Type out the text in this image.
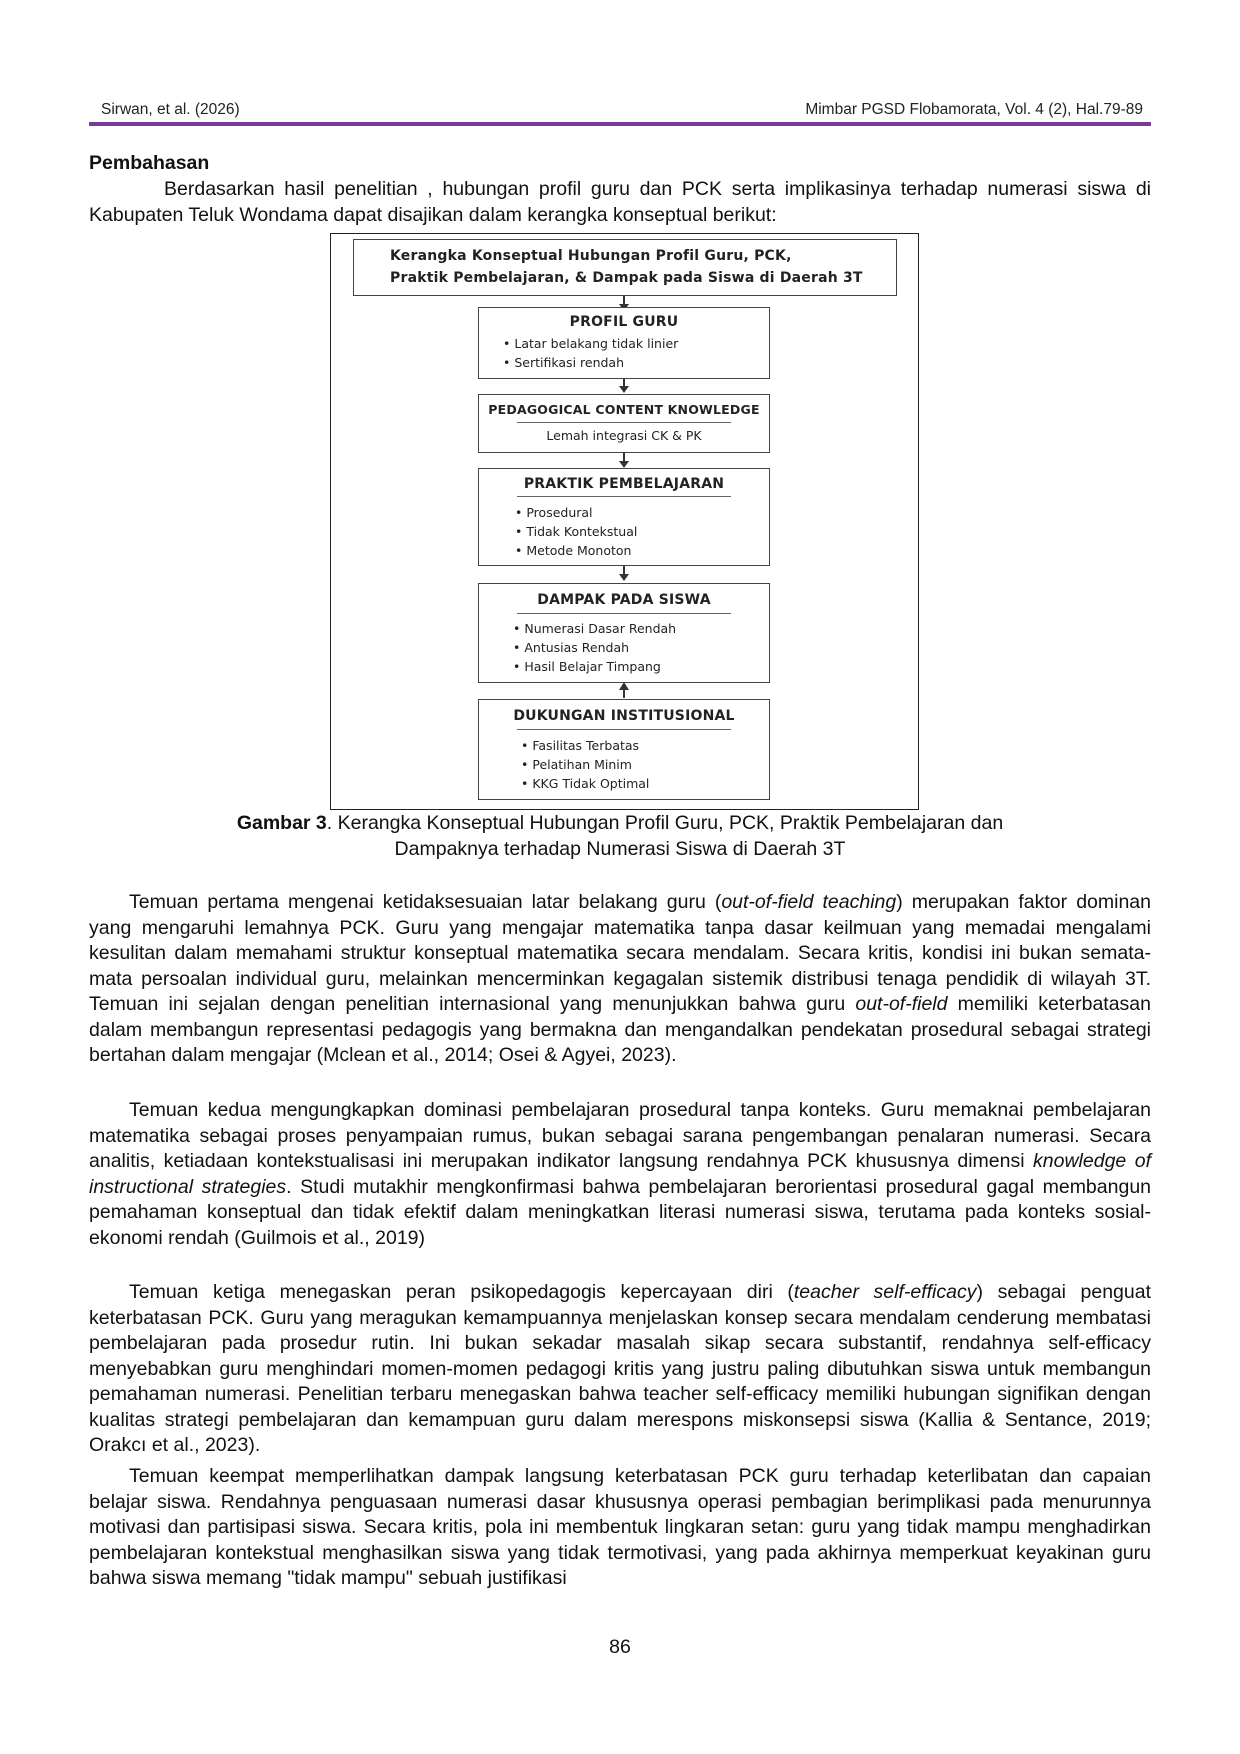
Sirwan, et al. (2026)	Mimbar PGSD Flobamorata, Vol. 4 (2), Hal.79-89
Pembahasan

Berdasarkan hasil penelitian , hubungan profil guru dan PCK serta implikasinya terhadap numerasi siswa di Kabupaten Teluk Wondama dapat disajikan dalam kerangka konseptual berikut:

Kerangka Konseptual Hubungan Profil Guru, PCK,
Praktik Pembelajaran, & Dampak pada Siswa di Daerah 3T
PROFIL GURU
• Latar belakang tidak linier
• Sertifikasi rendah
PEDAGOGICAL CONTENT KNOWLEDGE
Lemah integrasi CK & PK
PRAKTIK PEMBELAJARAN
• Prosedural
• Tidak Kontekstual
• Metode Monoton
DAMPAK PADA SISWA
• Numerasi Dasar Rendah
• Antusias Rendah
• Hasil Belajar Timpang
DUKUNGAN INSTITUSIONAL
• Fasilitas Terbatas
• Pelatihan Minim
• KKG Tidak Optimal
Gambar 3. Kerangka Konseptual Hubungan Profil Guru, PCK, Praktik Pembelajaran dan
Dampaknya terhadap Numerasi Siswa di Daerah 3T

Temuan pertama mengenai ketidaksesuaian latar belakang guru (out-of-field teaching) merupakan faktor dominan yang mengaruhi lemahnya PCK. Guru yang mengajar matematika tanpa dasar keilmuan yang memadai mengalami kesulitan dalam memahami struktur konseptual matematika secara mendalam. Secara kritis, kondisi ini bukan semata-mata persoalan individual guru, melainkan mencerminkan kegagalan sistemik distribusi tenaga pendidik di wilayah 3T. Temuan ini sejalan dengan penelitian internasional yang menunjukkan bahwa guru out-of-field memiliki keterbatasan dalam membangun representasi pedagogis yang bermakna dan mengandalkan pendekatan prosedural sebagai strategi bertahan dalam mengajar (Mclean et al., 2014; Osei & Agyei, 2023).

Temuan kedua mengungkapkan dominasi pembelajaran prosedural tanpa konteks. Guru memaknai pembelajaran matematika sebagai proses penyampaian rumus, bukan sebagai sarana pengembangan penalaran numerasi. Secara analitis, ketiadaan kontekstualisasi ini merupakan indikator langsung rendahnya PCK khususnya dimensi knowledge of instructional strategies. Studi mutakhir mengkonfirmasi bahwa pembelajaran berorientasi prosedural gagal membangun pemahaman konseptual dan tidak efektif dalam meningkatkan literasi numerasi siswa, terutama pada konteks sosial-ekonomi rendah (Guilmois et al., 2019)

Temuan ketiga menegaskan peran psikopedagogis kepercayaan diri (teacher self-efficacy) sebagai penguat keterbatasan PCK. Guru yang meragukan kemampuannya menjelaskan konsep secara mendalam cenderung membatasi pembelajaran pada prosedur rutin. Ini bukan sekadar masalah sikap secara substantif, rendahnya self-efficacy menyebabkan guru menghindari momen-momen pedagogi kritis yang justru paling dibutuhkan siswa untuk membangun pemahaman numerasi. Penelitian terbaru menegaskan bahwa teacher self-efficacy memiliki hubungan signifikan dengan kualitas strategi pembelajaran dan kemampuan guru dalam merespons miskonsepsi siswa (Kallia & Sentance, 2019; Orakcı et al., 2023).

Temuan keempat memperlihatkan dampak langsung keterbatasan PCK guru terhadap keterlibatan dan capaian belajar siswa. Rendahnya penguasaan numerasi dasar khususnya operasi pembagian berimplikasi pada menurunnya motivasi dan partisipasi siswa. Secara kritis, pola ini membentuk lingkaran setan: guru yang tidak mampu menghadirkan pembelajaran kontekstual menghasilkan siswa yang tidak termotivasi, yang pada akhirnya memperkuat keyakinan guru bahwa siswa memang "tidak mampu" sebuah justifikasi

86
